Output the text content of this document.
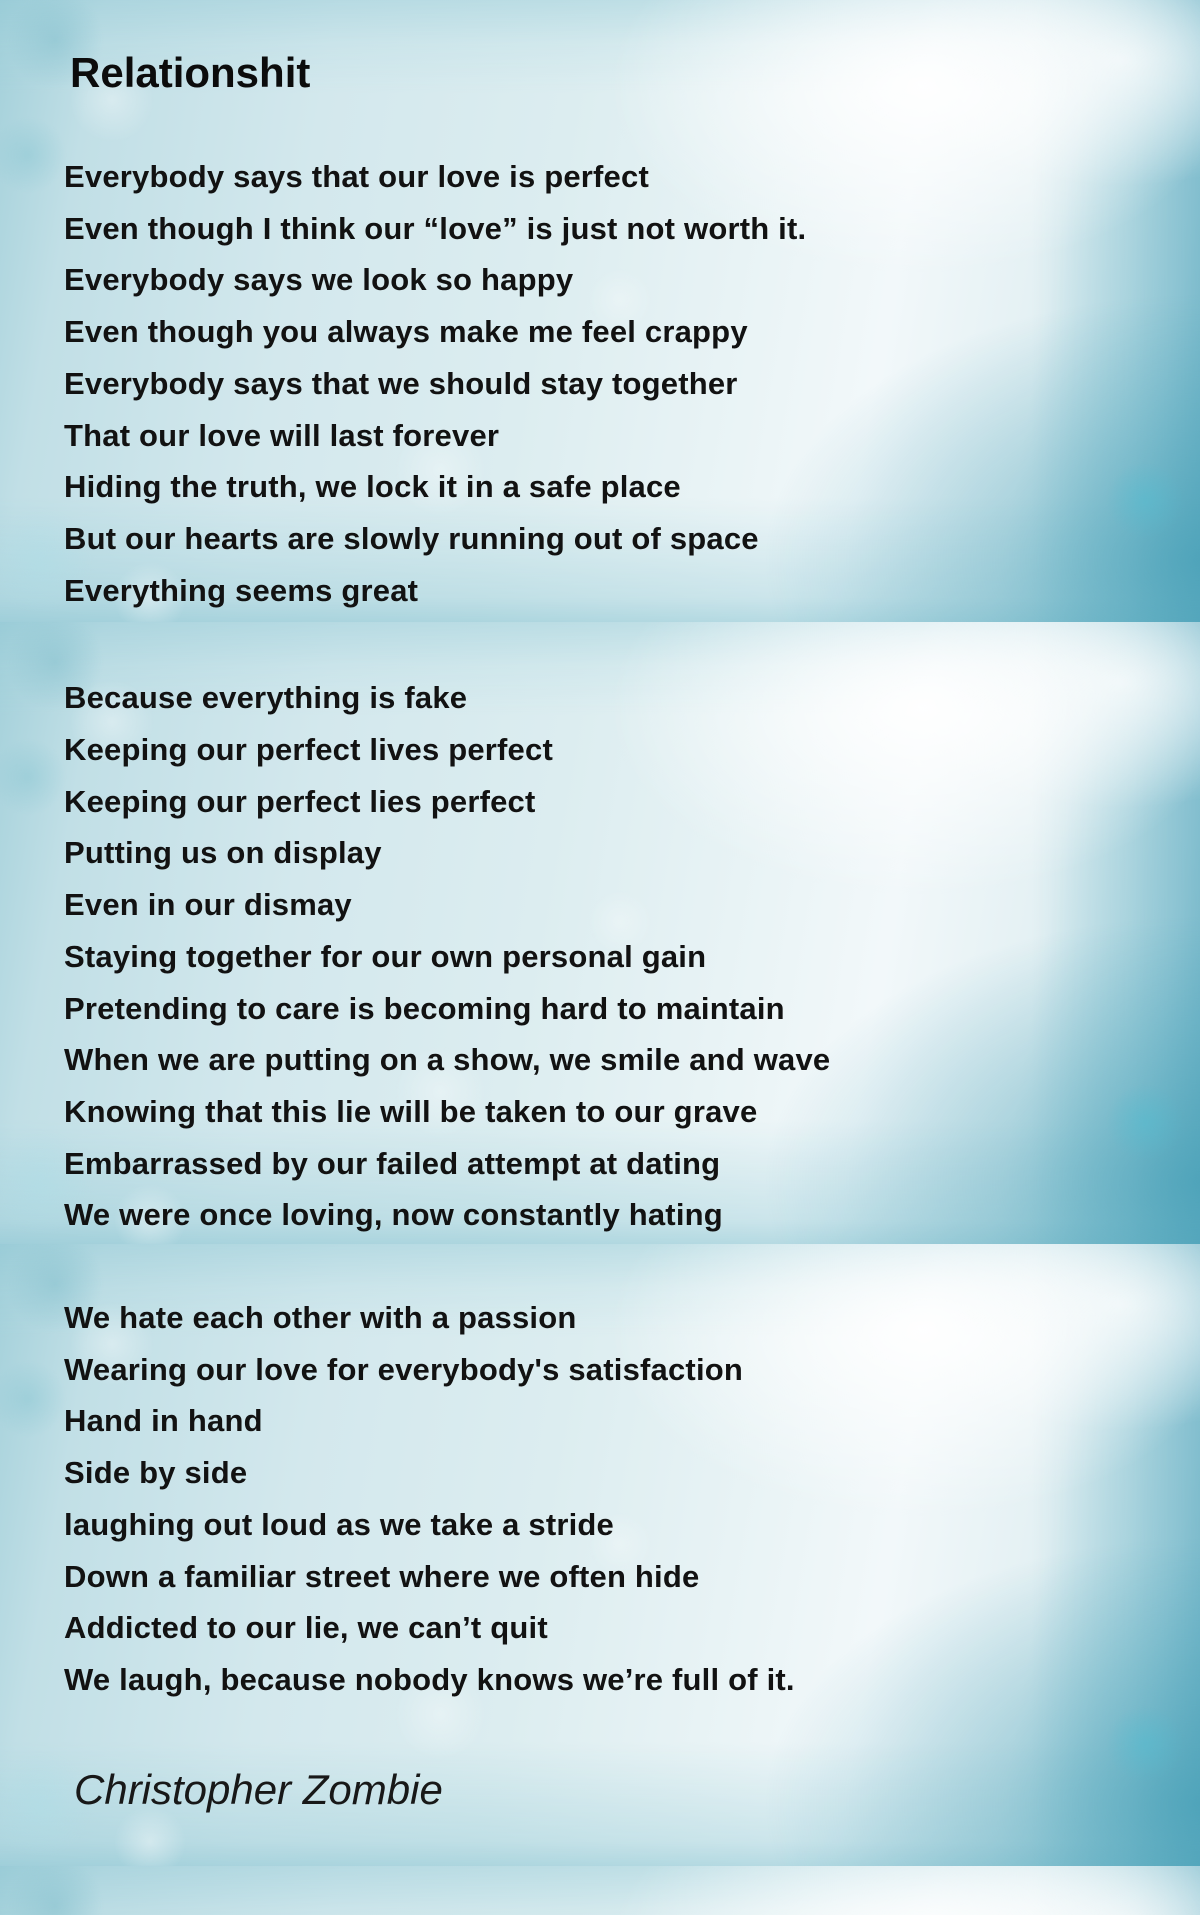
Relationshit
Everybody says that our love is perfect
Even though I think our “love” is just not worth it.
Everybody says we look so happy
Even though you always make me feel crappy
Everybody says that we should stay together
That our love will last forever
Hiding the truth, we lock it in a safe place
But our hearts are slowly running out of space
Everything seems great
Because everything is fake
Keeping our perfect lives perfect
Keeping our perfect lies perfect
Putting us on display
Even in our dismay
Staying together for our own personal gain
Pretending to care is becoming hard to maintain
When we are putting on a show, we smile and wave
Knowing that this lie will be taken to our grave
Embarrassed by our failed attempt at dating
We were once loving, now constantly hating
We hate each other with a passion
Wearing our love for everybody's satisfaction
Hand in hand
Side by side
laughing out loud as we take a stride
Down a familiar street where we often hide
Addicted to our lie, we can’t quit
We laugh, because nobody knows we’re full of it.
Christopher Zombie
